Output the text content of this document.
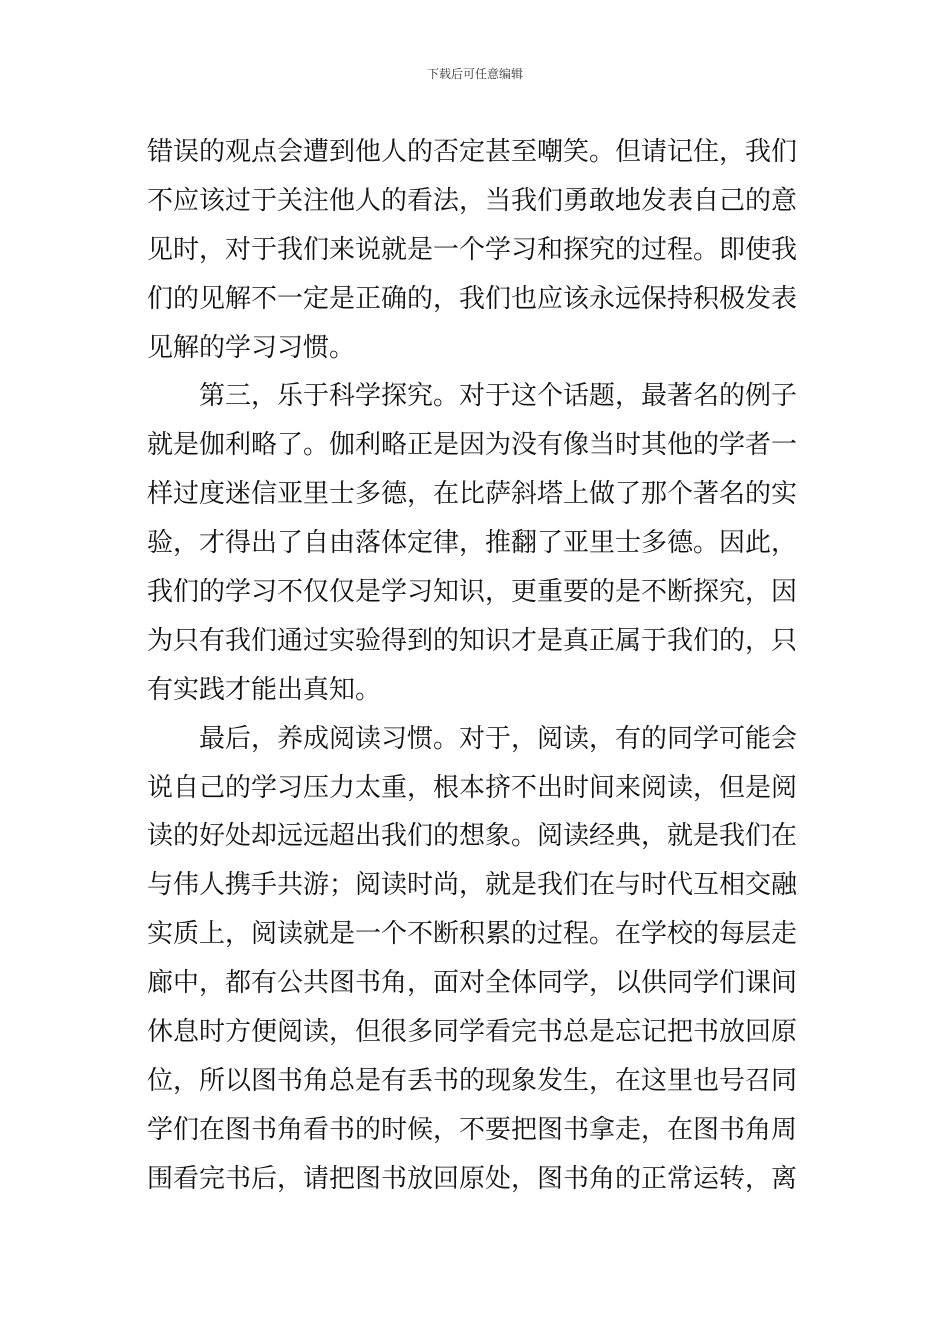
下载后可任意编辑
错误的观点会遭到他人的否定甚至嘲笑。但请记住，我们
不应该过于关注他人的看法，当我们勇敢地发表自己的意
见时，对于我们来说就是一个学习和探究的过程。即使我
们的见解不一定是正确的，我们也应该永远保持积极发表
见解的学习习惯。
第三，乐于科学探究。对于这个话题，最著名的例子
就是伽利略了。伽利略正是因为没有像当时其他的学者一
样过度迷信亚里士多德，在比萨斜塔上做了那个著名的实
验，才得出了自由落体定律，推翻了亚里士多德。因此，
我们的学习不仅仅是学习知识，更重要的是不断探究，因
为只有我们通过实验得到的知识才是真正属于我们的，只
有实践才能出真知。
最后，养成阅读习惯。对于，阅读，有的同学可能会
说自己的学习压力太重，根本挤不出时间来阅读，但是阅
读的好处却远远超出我们的想象。阅读经典，就是我们在
与伟人携手共游；阅读时尚，就是我们在与时代互相交融
实质上，阅读就是一个不断积累的过程。在学校的每层走
廊中，都有公共图书角，面对全体同学，以供同学们课间
休息时方便阅读，但很多同学看完书总是忘记把书放回原
位，所以图书角总是有丢书的现象发生，在这里也号召同
学们在图书角看书的时候，不要把图书拿走，在图书角周
围看完书后，请把图书放回原处，图书角的正常运转，离
